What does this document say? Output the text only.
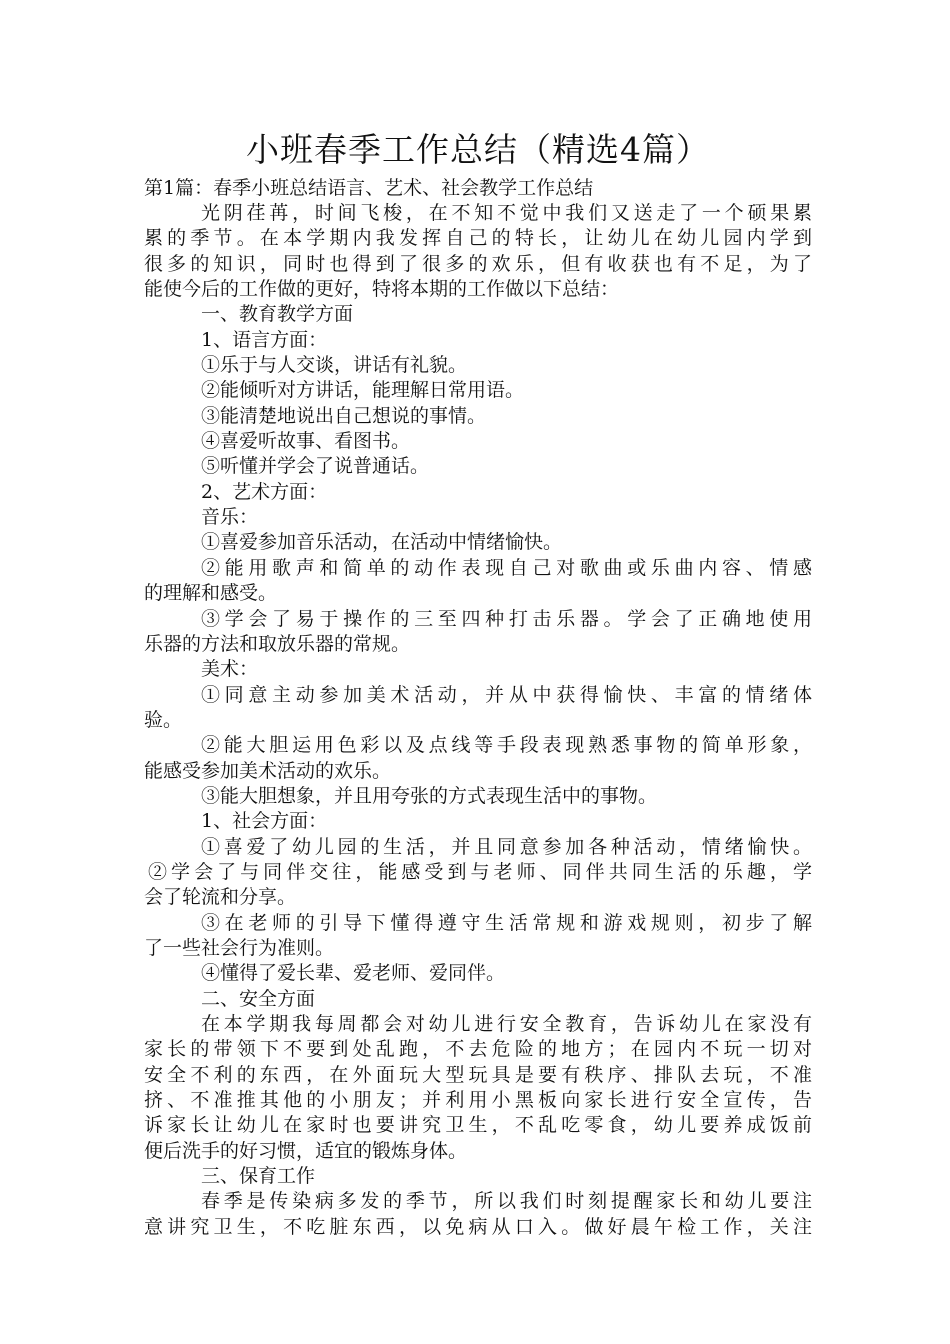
小班春季工作总结（精选4篇）

第1篇：春季小班总结语言、艺术、社会教学工作总结

光阴荏苒，时间飞梭，在不知不觉中我们又送走了一个硕果累
累的季节。在本学期内我发挥自己的特长，让幼儿在幼儿园内学到
很多的知识，同时也得到了很多的欢乐，但有收获也有不足，为了
能使今后的工作做的更好，特将本期的工作做以下总结：
一、教育教学方面
1、语言方面：
①乐于与人交谈，讲话有礼貌。
②能倾听对方讲话，能理解日常用语。
③能清楚地说出自己想说的事情。
④喜爱听故事、看图书。
⑤听懂并学会了说普通话。
2、艺术方面：
音乐：
①喜爱参加音乐活动，在活动中情绪愉快。
②能用歌声和简单的动作表现自己对歌曲或乐曲内容、情感
的理解和感受。
③学会了易于操作的三至四种打击乐器。学会了正确地使用
乐器的方法和取放乐器的常规。
美术：
①同意主动参加美术活动，并从中获得愉快、丰富的情绪体
验。
②能大胆运用色彩以及点线等手段表现熟悉事物的简单形象，
能感受参加美术活动的欢乐。
③能大胆想象，并且用夸张的方式表现生活中的事物。
1、社会方面：
①喜爱了幼儿园的生活，并且同意参加各种活动，情绪愉快。
②学会了与同伴交往，能感受到与老师、同伴共同生活的乐趣，学
会了轮流和分享。
③在老师的引导下懂得遵守生活常规和游戏规则，初步了解
了一些社会行为准则。
④懂得了爱长辈、爱老师、爱同伴。
二、安全方面
在本学期我每周都会对幼儿进行安全教育，告诉幼儿在家没有
家长的带领下不要到处乱跑，不去危险的地方；在园内不玩一切对
安全不利的东西，在外面玩大型玩具是要有秩序、排队去玩，不准
挤、不准推其他的小朋友；并利用小黑板向家长进行安全宣传，告
诉家长让幼儿在家时也要讲究卫生，不乱吃零食，幼儿要养成饭前
便后洗手的好习惯，适宜的锻炼身体。
三、保育工作
春季是传染病多发的季节，所以我们时刻提醒家长和幼儿要注
意讲究卫生，不吃脏东西，以免病从口入。做好晨午检工作，关注
